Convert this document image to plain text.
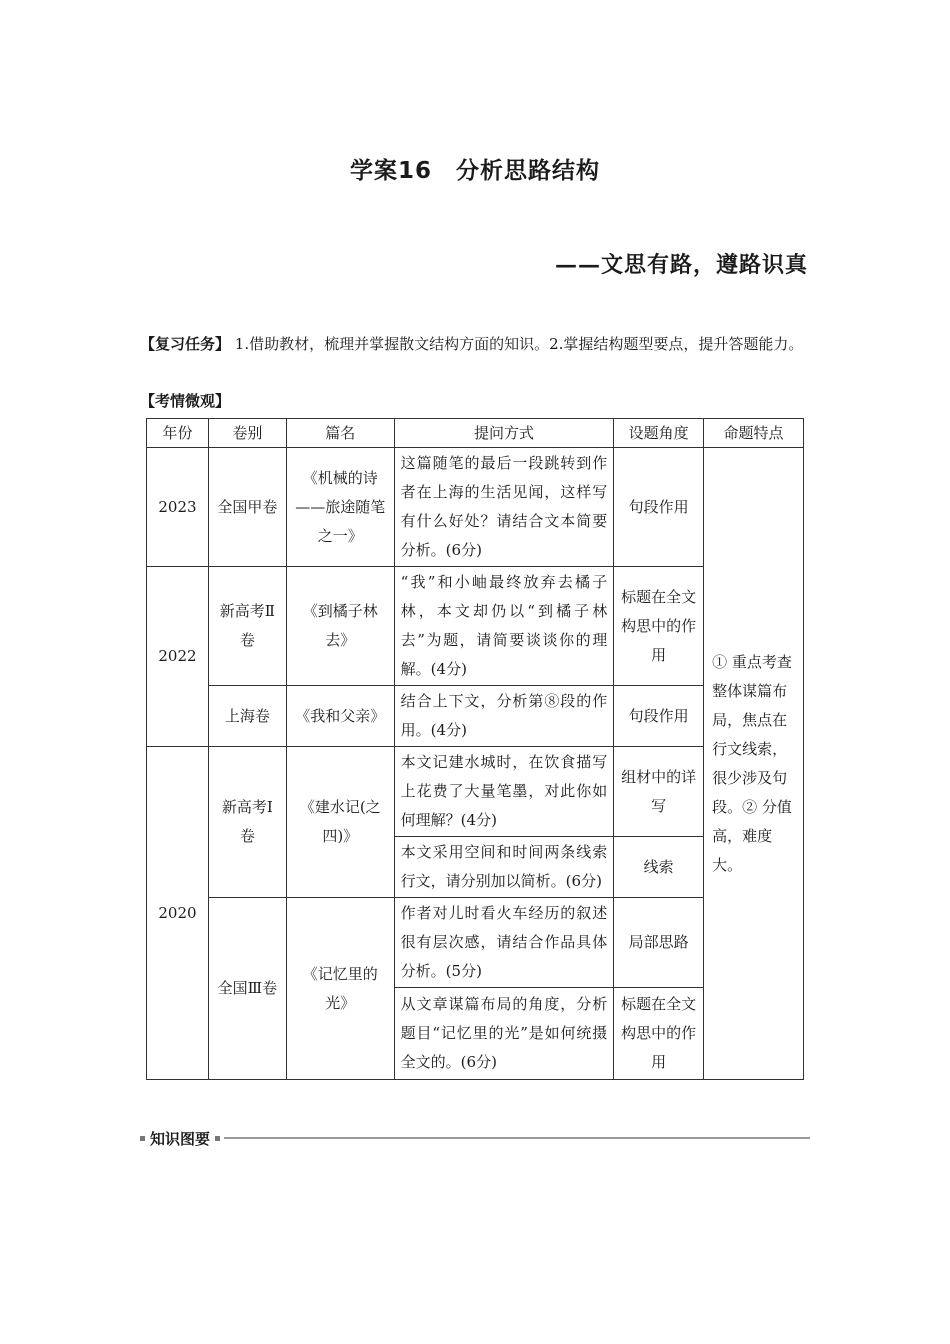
学案16　分析思路结构
——文思有路，遵路识真
【复习任务】 1.借助教材，梳理并掌握散文结构方面的知识。2.掌握结构题型要点，提升答题能力。
【考情微观】
年份	卷别	篇名	提问方式	设题角度	命题特点
2023	全国甲卷	《机械的诗——旅途随笔之一》	这篇随笔的最后一段跳转到作者在上海的生活见闻，这样写有什么好处？请结合文本简要分析。(6分)	句段作用	① 重点考查整体谋篇布局，焦点在行文线索，很少涉及句段。② 分值高，难度大。
2022	新高考Ⅱ卷	《到橘子林去》	“我”和小岫最终放弃去橘子林，本文却仍以“到橘子林去”为题，请简要谈谈你的理解。(4分)	标题在全文构思中的作用	
	上海卷	《我和父亲》	结合上下文，分析第⑧段的作用。(4分)	句段作用	
2020	新高考Ⅰ卷	《建水记(之四)》	本文记建水城时，在饮食描写上花费了大量笔墨，对此你如何理解？(4分)	组材中的详写	
			本文采用空间和时间两条线索行文，请分别加以简析。(6分)	线索	
	全国Ⅲ卷	《记忆里的光》	作者对儿时看火车经历的叙述很有层次感，请结合作品具体分析。(5分)	局部思路	
			从文章谋篇布局的角度，分析题目“记忆里的光”是如何统摄全文的。(6分)	标题在全文构思中的作用	
知识图要
